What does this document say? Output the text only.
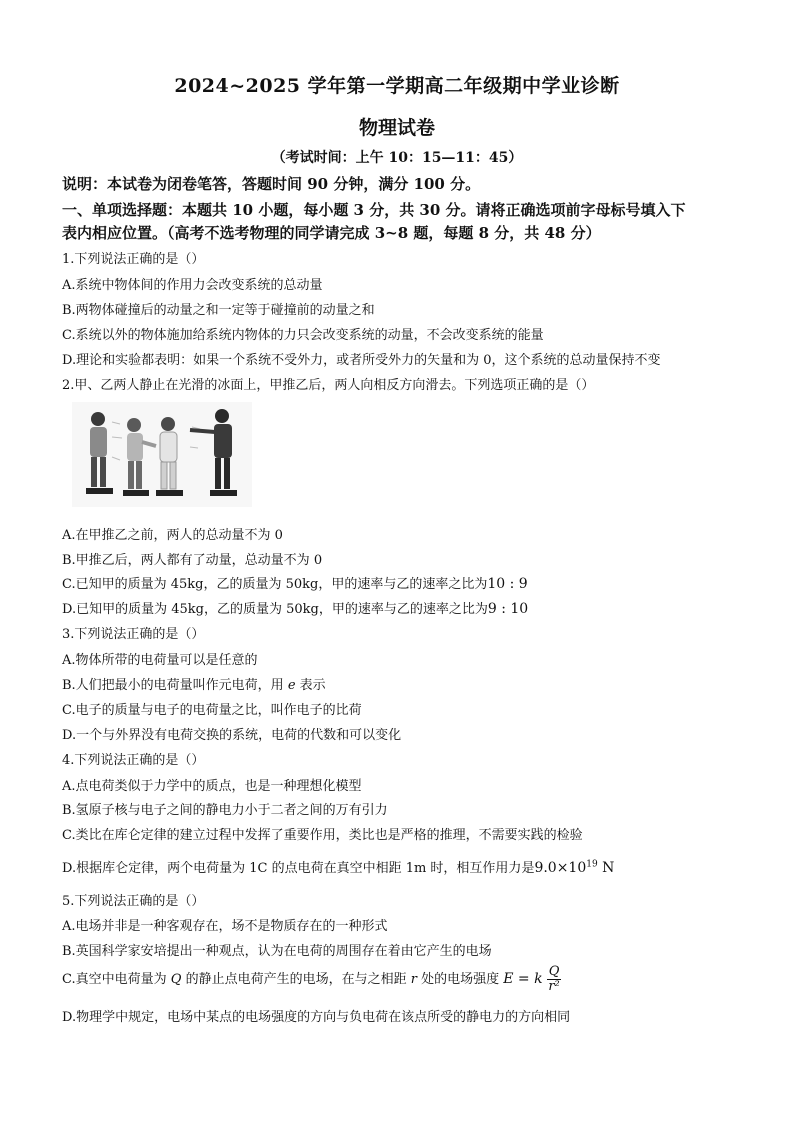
2024~2025 学年第一学期高二年级期中学业诊断
物理试卷
（考试时间：上午 10：15—11：45）
说明：本试卷为闭卷笔答，答题时间 90 分钟，满分 100 分。
一、单项选择题：本题共 10 小题，每小题 3 分，共 30 分。请将正确选项前字母标号填入下
表内相应位置。（高考不选考物理的同学请完成 3~8 题，每题 8 分，共 48 分）
1.下列说法正确的是（）
A.系统中物体间的作用力会改变系统的总动量
B.两物体碰撞后的动量之和一定等于碰撞前的动量之和
C.系统以外的物体施加给系统内物体的力只会改变系统的动量，不会改变系统的能量
D.理论和实验都表明：如果一个系统不受外力，或者所受外力的矢量和为 0，这个系统的总动量保持不变
2.甲、乙两人静止在光滑的冰面上，甲推乙后，两人向相反方向滑去。下列选项正确的是（）
A.在甲推乙之前，两人的总动量不为 0
B.甲推乙后，两人都有了动量，总动量不为 0
C.已知甲的质量为 45kg，乙的质量为 50kg，甲的速率与乙的速率之比为10 : 9
D.已知甲的质量为 45kg，乙的质量为 50kg，甲的速率与乙的速率之比为9 : 10
3.下列说法正确的是（）
A.物体所带的电荷量可以是任意的
B.人们把最小的电荷量叫作元电荷，用 e 表示
C.电子的质量与电子的电荷量之比，叫作电子的比荷
D.一个与外界没有电荷交换的系统，电荷的代数和可以变化
4.下列说法正确的是（）
A.点电荷类似于力学中的质点，也是一种理想化模型
B.氢原子核与电子之间的静电力小于二者之间的万有引力
C.类比在库仑定律的建立过程中发挥了重要作用，类比也是严格的推理，不需要实践的检验
D.根据库仑定律，两个电荷量为 1C 的点电荷在真空中相距 1m 时，相互作用力是$9.0\times 10^{19}$ N
5.下列说法正确的是（）
A.电场并非是一种客观存在，场不是物质存在的一种形式
B.英国科学家安培提出一种观点，认为在电荷的周围存在着由它产生的电场
C.真空中电荷量为 Q 的静止点电荷产生的电场，在与之相距 r 处的电场强度 E = k $\frac{Q}{\text{r²}}$
D.物理学中规定，电场中某点的电场强度的方向与负电荷在该点所受的静电力的方向相同
